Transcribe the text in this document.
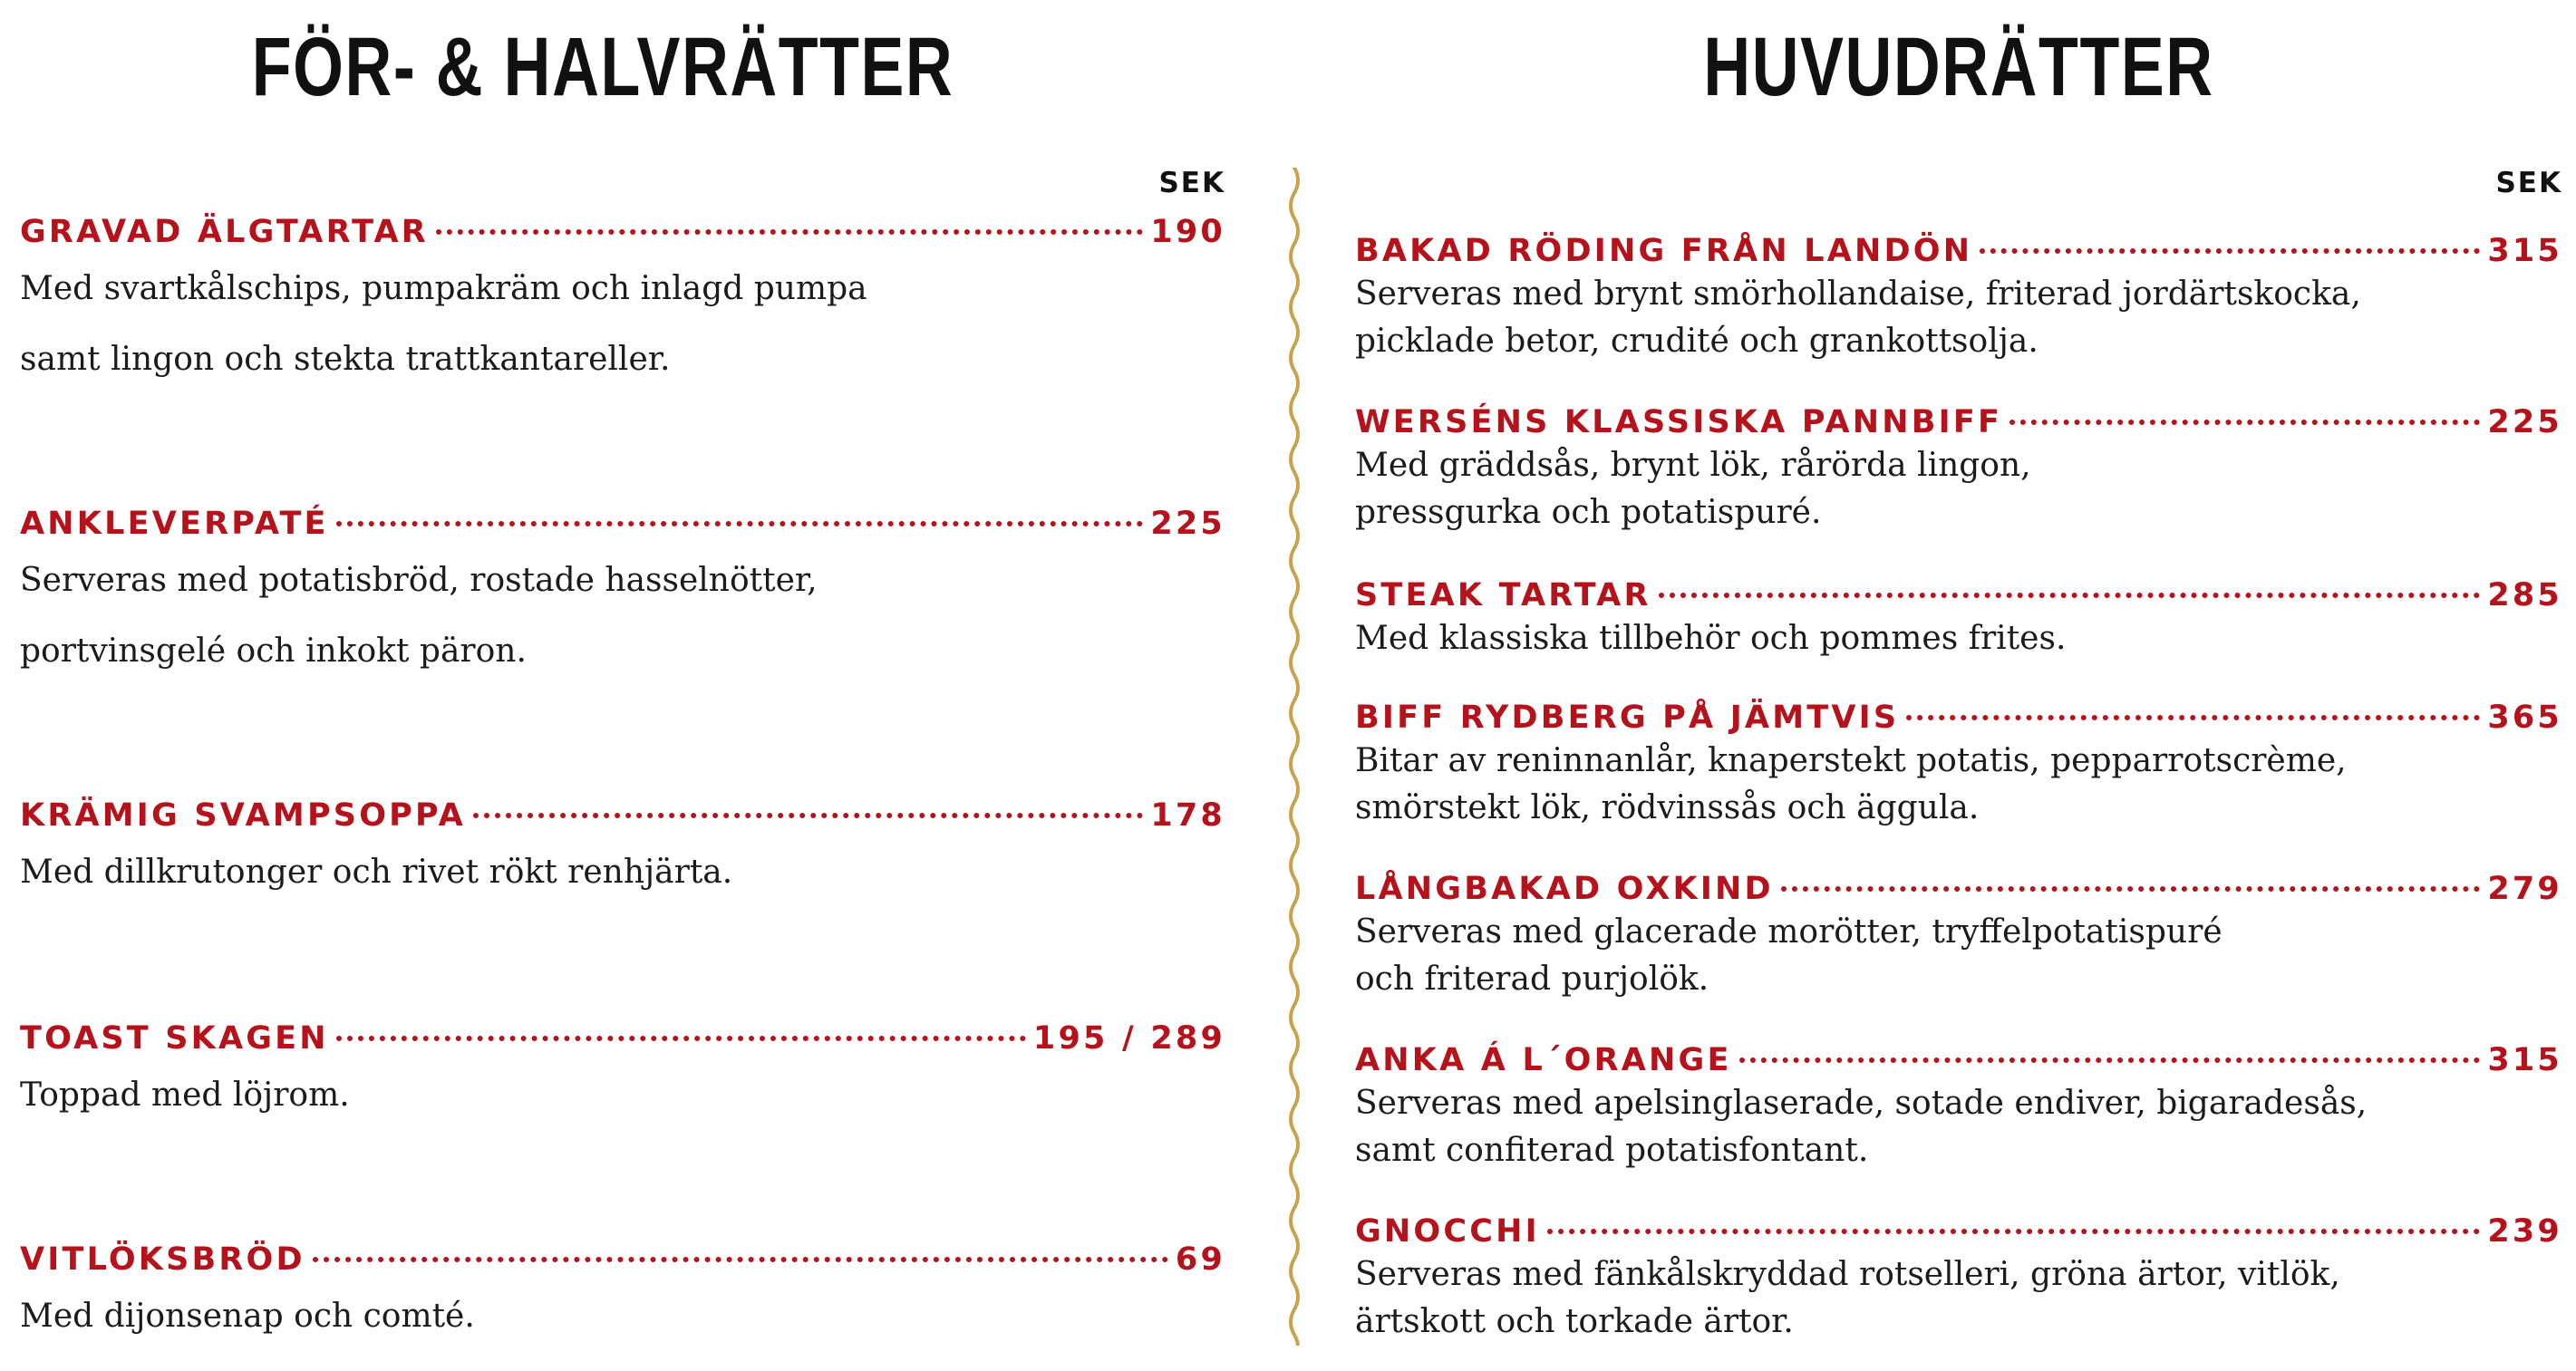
FÖR- & HALVRÄTTER
SEK
GRAVAD ÄLGTARTAR	190
Med svartkålschips, pumpakräm och inlagd pumpa
samt lingon och stekta trattkantareller.
ANKLEVERPATÉ	225
Serveras med potatisbröd, rostade hasselnötter,
portvinsgelé och inkokt päron.
KRÄMIG SVAMPSOPPA	178
Med dillkrutonger och rivet rökt renhjärta.
TOAST SKAGEN	195 / 289
Toppad med löjrom.
VITLÖKSBRÖD	69
Med dijonsenap och comté.
HUVUDRÄTTER
SEK
BAKAD RÖDING FRÅN LANDÖN	315
Serveras med brynt smörhollandaise, friterad jordärtskocka,
picklade betor, crudité och grankottsolja.
WERSÉNS KLASSISKA PANNBIFF	225
Med gräddsås, brynt lök, rårörda lingon,
pressgurka och potatispuré.
STEAK TARTAR	285
Med klassiska tillbehör och pommes frites.
BIFF RYDBERG PÅ JÄMTVIS	365
Bitar av reninnanlår, knaperstekt potatis, pepparrotscrème,
smörstekt lök, rödvinssås och äggula.
LÅNGBAKAD OXKIND	279
Serveras med glacerade morötter, tryffelpotatispuré
och friterad purjolök.
ANKA Á L´ORANGE	315
Serveras med apelsinglaserade, sotade endiver, bigaradesås,
samt confiterad potatisfontant.
GNOCCHI	239
Serveras med fänkålskryddad rotselleri, gröna ärtor, vitlök,
ärtskott och torkade ärtor.
